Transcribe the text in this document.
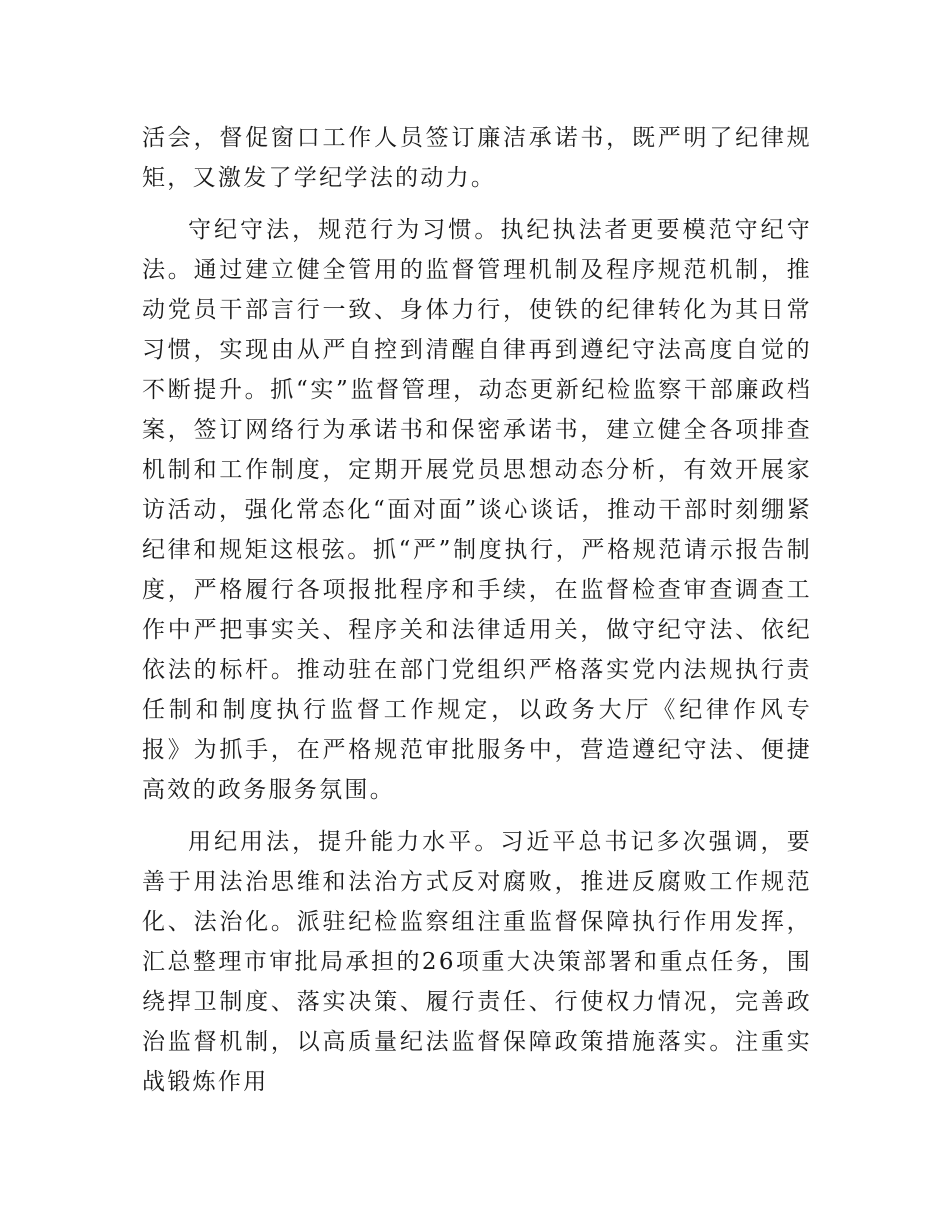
活会，督促窗口工作人员签订廉洁承诺书，既严明了纪律规矩，又激发了学纪学法的动力。

守纪守法，规范行为习惯。执纪执法者更要模范守纪守法。通过建立健全管用的监督管理机制及程序规范机制，推动党员干部言行一致、身体力行，使铁的纪律转化为其日常习惯，实现由从严自控到清醒自律再到遵纪守法高度自觉的不断提升。抓“实”监督管理，动态更新纪检监察干部廉政档案，签订网络行为承诺书和保密承诺书，建立健全各项排查机制和工作制度，定期开展党员思想动态分析，有效开展家访活动，强化常态化“面对面”谈心谈话，推动干部时刻绷紧纪律和规矩这根弦。抓“严”制度执行，严格规范请示报告制度，严格履行各项报批程序和手续，在监督检查审查调查工作中严把事实关、程序关和法律适用关，做守纪守法、依纪依法的标杆。推动驻在部门党组织严格落实党内法规执行责任制和制度执行监督工作规定，以政务大厅《纪律作风专报》为抓手，在严格规范审批服务中，营造遵纪守法、便捷高效的政务服务氛围。

用纪用法，提升能力水平。习近平总书记多次强调，要善于用法治思维和法治方式反对腐败，推进反腐败工作规范化、法治化。派驻纪检监察组注重监督保障执行作用发挥，汇总整理市审批局承担的26项重大决策部署和重点任务，围绕捍卫制度、落实决策、履行责任、行使权力情况，完善政治监督机制，以高质量纪法监督保障政策措施落实。注重实战锻炼作用
